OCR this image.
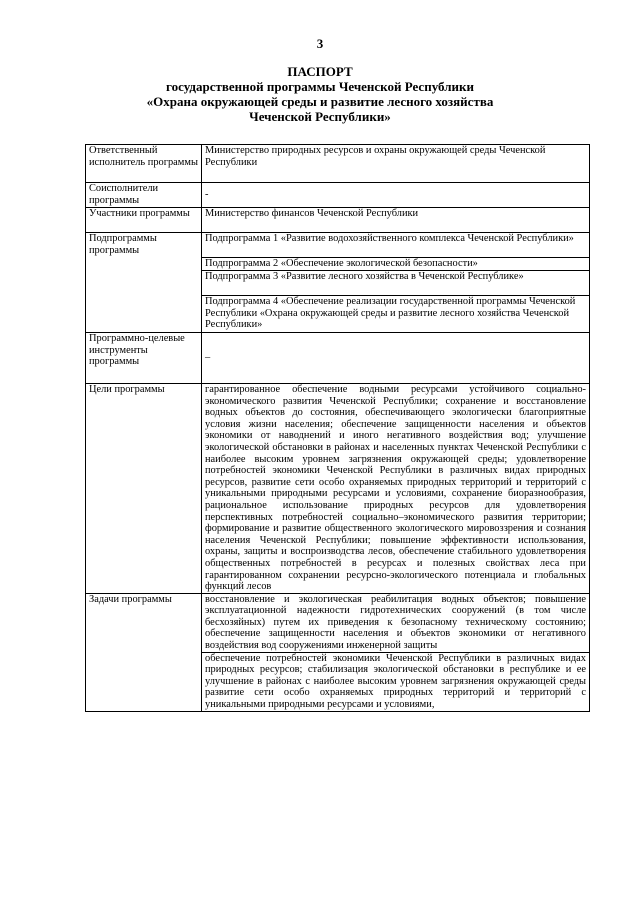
3
ПАСПОРТ
государственной программы Чеченской Республики
«Охрана окружающей среды и развитие лесного хозяйства
Чеченской Республики»
Ответственный исполнитель программы	Министерство природных ресурсов и охраны окружающей среды Чеченской Республики
Соисполнители программы	-
Участники программы	Министерство финансов Чеченской Республики
Подпрограммы программы	Подпрограмма 1 «Развитие водохозяйственного комплекса Чеченской Республики»
	Подпрограмма 2 «Обеспечение экологической безопасности»
	Подпрограмма 3 «Развитие лесного хозяйства в Чеченской Республике»
	Подпрограмма 4 «Обеспечение реализации государственной программы Чеченской Республики «Охрана окружающей среды и развитие лесного хозяйства Чеченской Республики»
Программно-целевые инструменты программы	–
Цели программы	гарантированное обеспечение водными ресурсами устойчивого социально-экономического развития Чеченской Республики; сохранение и восстановление водных объектов до состояния, обеспечивающего экологически благоприятные условия жизни населения; обеспечение защищенности населения и объектов экономики от наводнений и иного негативного воздействия вод; улучшение экологической обстановки в районах и населенных пунктах Чеченской Республики с наиболее высоким уровнем загрязнения окружающей среды; удовлетворение потребностей экономики Чеченской Республики в различных видах природных ресурсов, развитие сети особо охраняемых природных территорий и территорий с уникальными природными ресурсами и условиями, сохранение биоразнообразия, рациональное использование природных ресурсов для удовлетворения перспективных потребностей социально–экономического развития территории; формирование и развитие общественного экологического мировоззрения и сознания населения Чеченской Республики; повышение эффективности использования, охраны, защиты и воспроизводства лесов, обеспечение стабильного удовлетворения общественных потребностей в ресурсах и полезных свойствах леса при гарантированном сохранении ресурсно-экологического потенциала и глобальных функций лесов
Задачи программы	восстановление и экологическая реабилитация водных объектов; повышение эксплуатационной надежности гидротехнических сооружений (в том числе бесхозяйных) путем их приведения к безопасному техническому состоянию; обеспечение защищенности населения и объектов экономики от негативного воздействия вод сооружениями инженерной защиты
	обеспечение потребностей экономики Чеченской Республики в различных видах природных ресурсов; стабилизация экологической обстановки в республике и ее улучшение в районах с наиболее высоким уровнем загрязнения окружающей среды развитие сети особо охраняемых природных территорий и территорий с уникальными природными ресурсами и условиями,
